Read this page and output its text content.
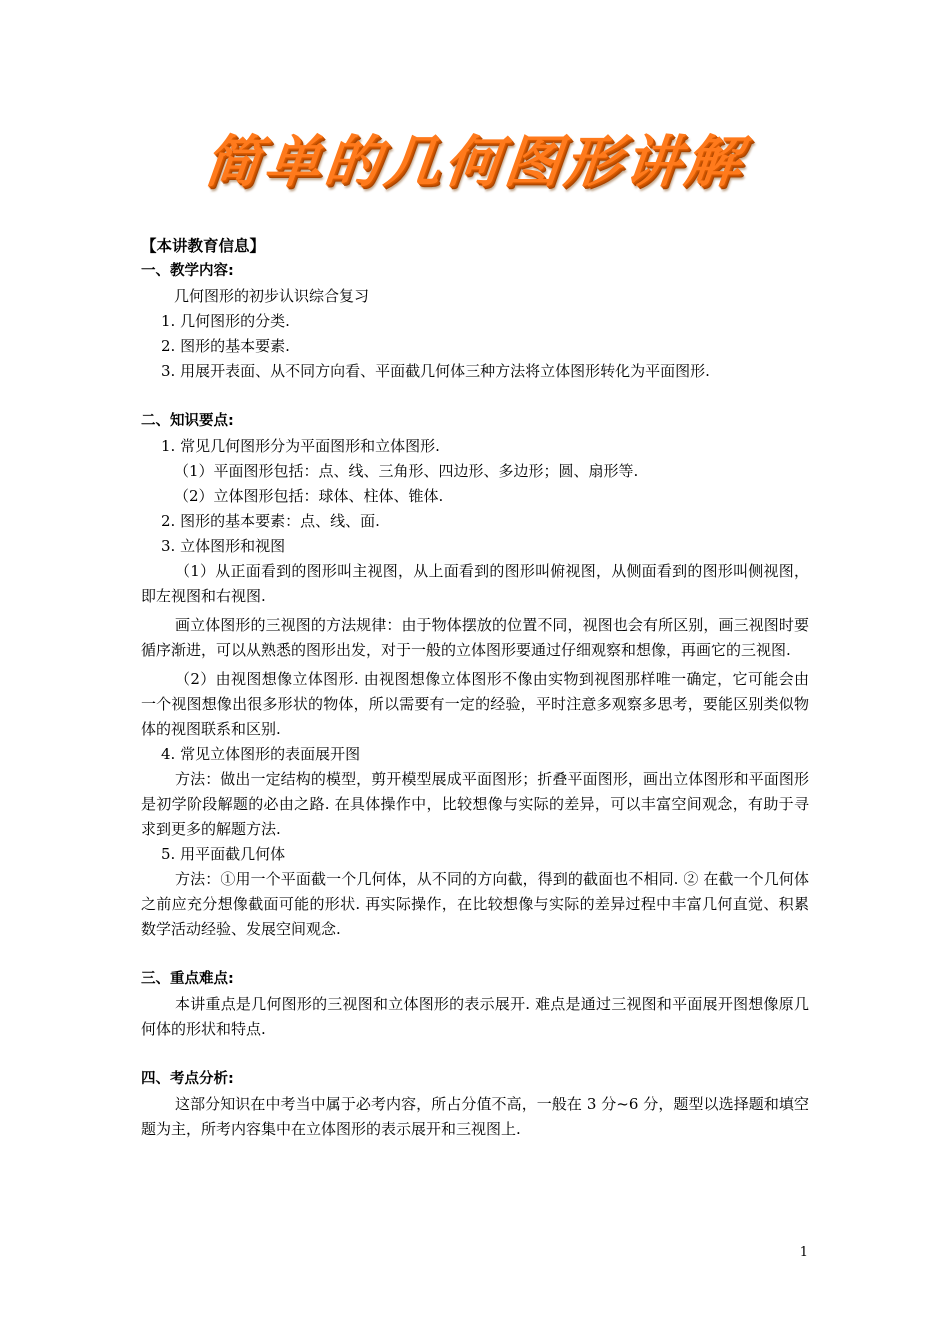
简单的几何图形讲解
【本讲教育信息】
一、教学内容:

几何图形的初步认识综合复习

1. 几何图形的分类.

2. 图形的基本要素.

3. 用展开表面、从不同方向看、平面截几何体三种方法将立体图形转化为平面图形.

二、知识要点:

1. 常见几何图形分为平面图形和立体图形.

（1）平面图形包括：点、线、三角形、四边形、多边形；圆、扇形等.

（2）立体图形包括：球体、柱体、锥体.

2. 图形的基本要素：点、线、面.

3. 立体图形和视图

（1）从正面看到的图形叫主视图，从上面看到的图形叫俯视图，从侧面看到的图形叫侧视图，即左视图和右视图.

画立体图形的三视图的方法规律：由于物体摆放的位置不同，视图也会有所区别，画三视图时要循序渐进，可以从熟悉的图形出发，对于一般的立体图形要通过仔细观察和想像，再画它的三视图.

（2）由视图想像立体图形. 由视图想像立体图形不像由实物到视图那样唯一确定，它可能会由一个视图想像出很多形状的物体，所以需要有一定的经验，平时注意多观察多思考，要能区别类似物体的视图联系和区别.

4. 常见立体图形的表面展开图

方法：做出一定结构的模型，剪开模型展成平面图形；折叠平面图形，画出立体图形和平面图形是初学阶段解题的必由之路. 在具体操作中，比较想像与实际的差异，可以丰富空间观念，有助于寻求到更多的解题方法.

5. 用平面截几何体

方法：①用一个平面截一个几何体，从不同的方向截，得到的截面也不相同. ② 在截一个几何体之前应充分想像截面可能的形状. 再实际操作，在比较想像与实际的差异过程中丰富几何直觉、积累数学活动经验、发展空间观念.

三、重点难点:

本讲重点是几何图形的三视图和立体图形的表示展开. 难点是通过三视图和平面展开图想像原几何体的形状和特点.

四、考点分析:

这部分知识在中考当中属于必考内容，所占分值不高，一般在 3 分~6 分，题型以选择题和填空题为主，所考内容集中在立体图形的表示展开和三视图上.

1
